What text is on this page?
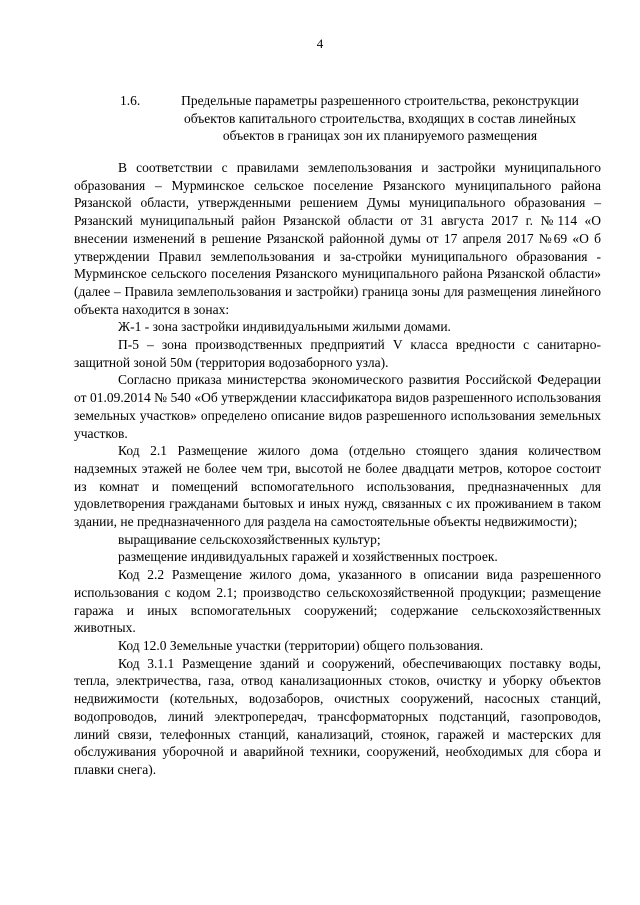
4
1.6.	Предельные параметры разрешенного строительства, реконструкции объектов капитального строительства, входящих в состав линейных объектов в границах зон их планируемого размещения

В соответствии с правилами землепользования и застройки муниципального образования – Мурминское сельское поселение Рязанского муниципального района Рязанской области, утвержденными решением Думы муниципального образования – Рязанский муниципальный район Рязанской области от 31 августа 2017 г. №114 «О внесении изменений в решение Рязанской районной думы от 17 апреля 2017 №69 «О б утверждении Правил землепользования и за-стройки муниципального образования - Мурминское сельского поселения Рязанского муниципального района Рязанской области» (далее – Правила землепользования и застройки) граница зоны для размещения линейного объекта находится в зонах:

Ж-1 - зона застройки индивидуальными жилыми домами.

П-5 – зона производственных предприятий V класса вредности с санитарно-защитной зоной 50м (территория водозаборного узла).

Согласно приказа министерства экономического развития Российской Федерации от 01.09.2014 № 540 «Об утверждении классификатора видов разрешенного использования земельных участков» определено описание видов разрешенного использования земельных участков.

Код 2.1 Размещение жилого дома (отдельно стоящего здания количеством надземных этажей не более чем три, высотой не более двадцати метров, которое состоит из комнат и помещений вспомогательного использования, предназначенных для удовлетворения гражданами бытовых и иных нужд, связанных с их проживанием в таком здании, не предназначенного для раздела на самостоятельные объекты недвижимости);

выращивание сельскохозяйственных культур;

размещение индивидуальных гаражей и хозяйственных построек.

Код 2.2 Размещение жилого дома, указанного в описании вида разрешенного использования с кодом 2.1; производство сельскохозяйственной продукции; размещение гаража и иных вспомогательных сооружений; содержание сельскохозяйственных животных.

Код 12.0 Земельные участки (территории) общего пользования.

Код 3.1.1 Размещение зданий и сооружений, обеспечивающих поставку воды, тепла, электричества, газа, отвод канализационных стоков, очистку и уборку объектов недвижимости (котельных, водозаборов, очистных сооружений, насосных станций, водопроводов, линий электропередач, трансформаторных подстанций, газопроводов, линий связи, телефонных станций, канализаций, стоянок, гаражей и мастерских для обслуживания уборочной и аварийной техники, сооружений, необходимых для сбора и плавки снега).
